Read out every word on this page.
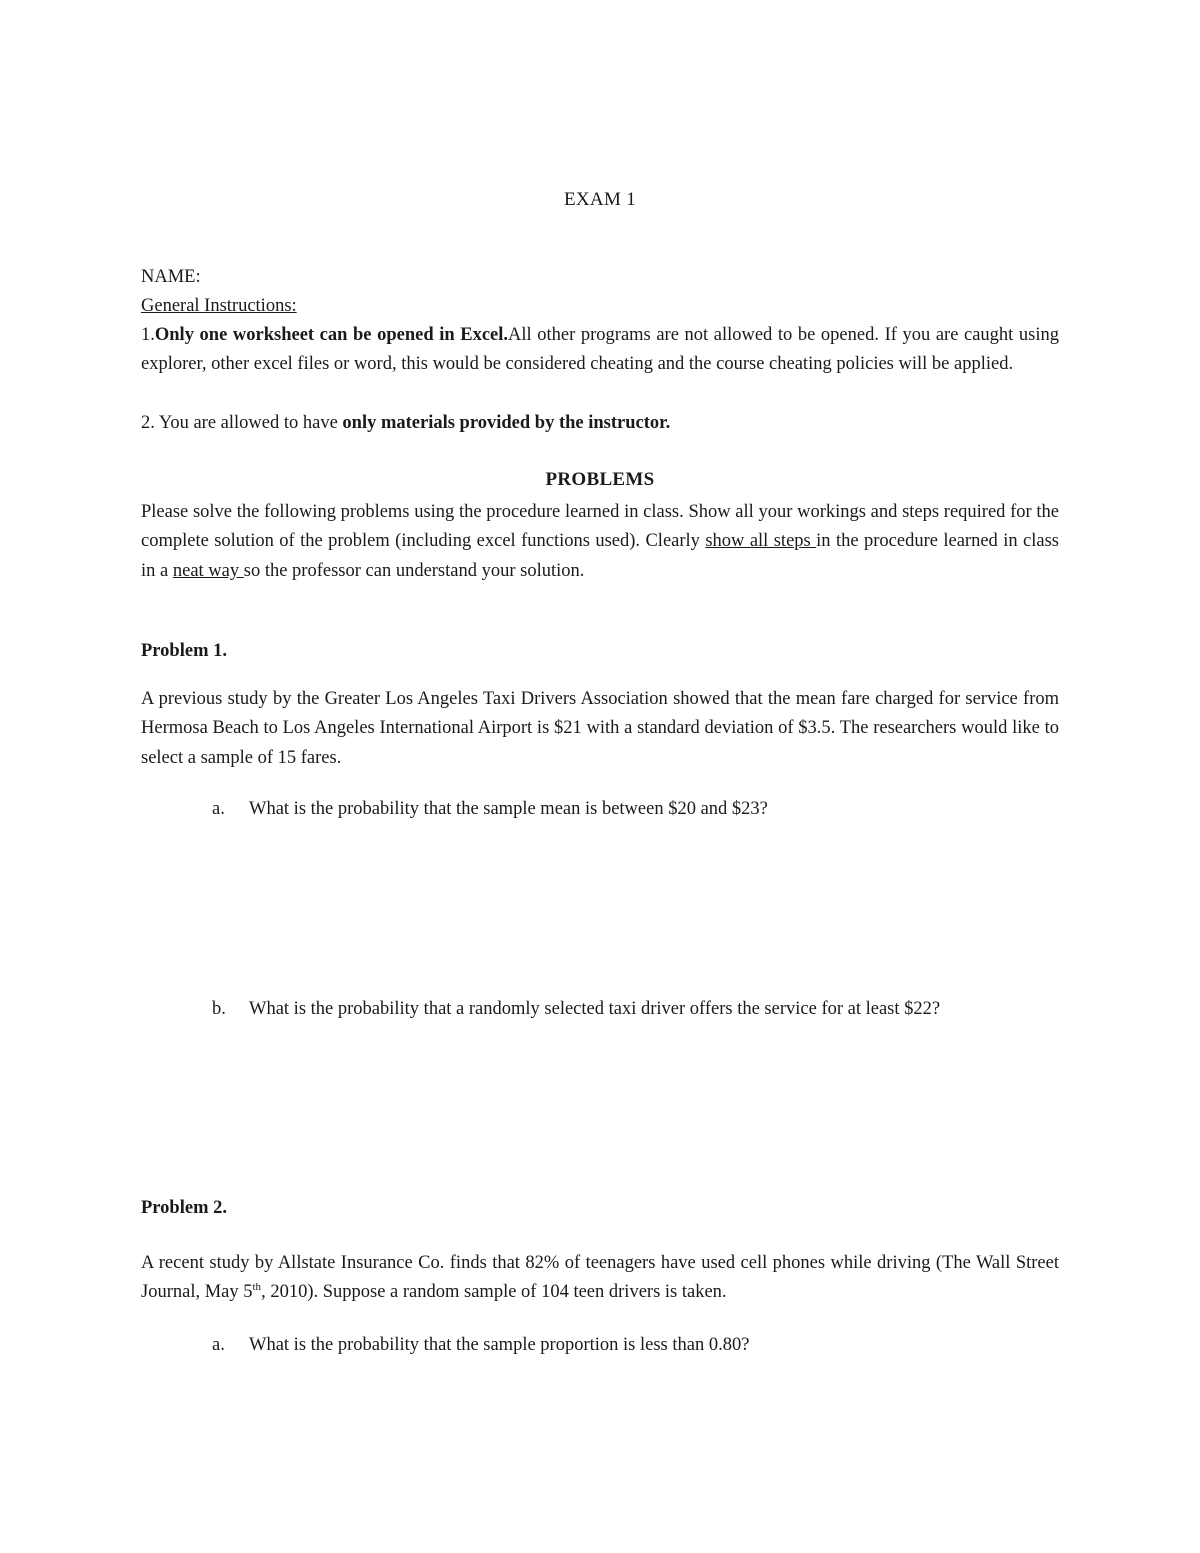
EXAM 1
NAME:
General Instructions:
1.Only one worksheet can be opened in Excel.All other programs are not allowed to be opened. If you are caught using explorer, other excel files or word, this would be considered cheating and the course cheating policies will be applied.
2. You are allowed to have only materials provided by the instructor.
PROBLEMS
Please solve the following problems using the procedure learned in class. Show all your workings and steps required for the complete solution of the problem (including excel functions used). Clearly show all steps in the procedure learned in class in a neat way so the professor can understand your solution.
Problem 1.
A previous study by the Greater Los Angeles Taxi Drivers Association showed that the mean fare charged for service from Hermosa Beach to Los Angeles International Airport is $21 with a standard deviation of $3.5. The researchers would like to select a sample of 15 fares.
a. What is the probability that the sample mean is between $20 and $23?
b. What is the probability that a randomly selected taxi driver offers the service for at least $22?
Problem 2.
A recent study by Allstate Insurance Co. finds that 82% of teenagers have used cell phones while driving (The Wall Street Journal, May 5th, 2010). Suppose a random sample of 104 teen drivers is taken.
a. What is the probability that the sample proportion is less than 0.80?
